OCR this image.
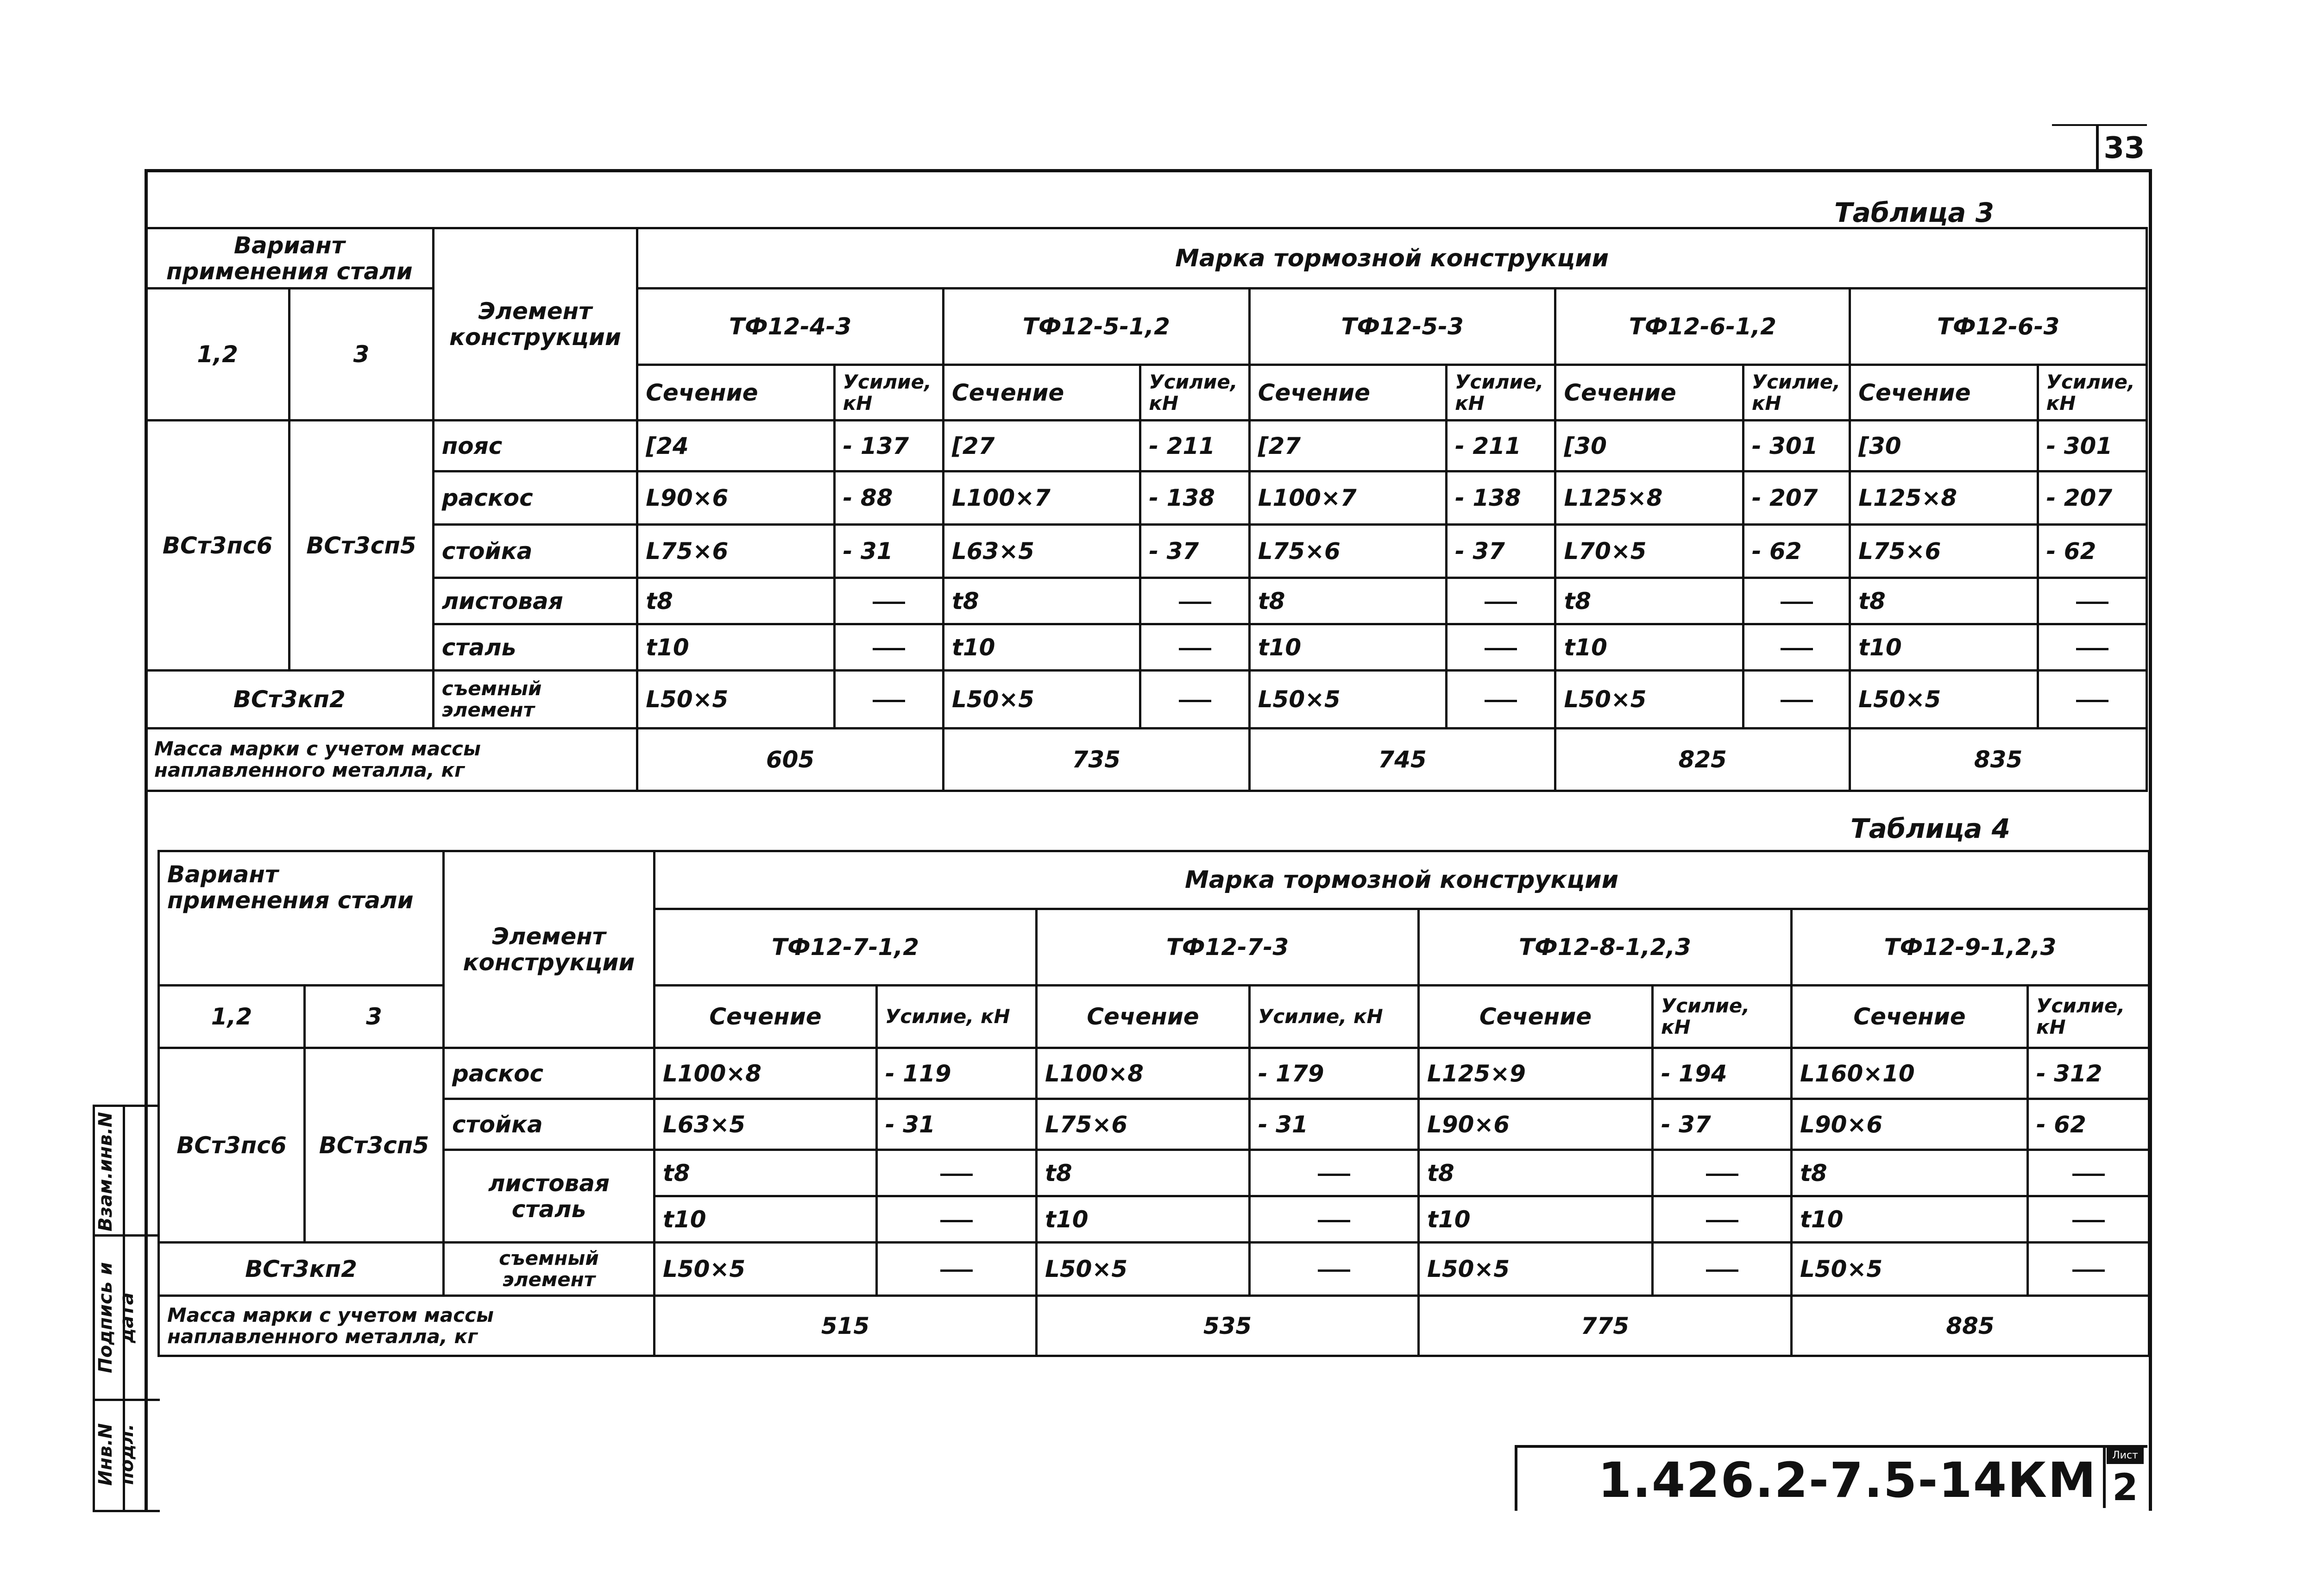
33
Таблица 3
Вариант применения стали		Элемент конструкции	Марка тормозной конструкции									
1,2	3		ТФ12-4-3		ТФ12-5-1,2		ТФ12-5-3		ТФ12-6-1,2		ТФ12-6-3	
			Сечение	Усилие, кН	Сечение	Усилие, кН	Сечение	Усилие, кН	Сечение	Усилие, кН	Сечение	Усилие, кН
ВСт3пс6	ВСт3сп5	пояс	[24	- 137	[27	- 211	[27	- 211	[30	- 301	[30	- 301
		раскос	L90×6	- 88	L100×7	- 138	L100×7	- 138	L125×8	- 207	L125×8	- 207
		стойка	L75×6	- 31	L63×5	- 37	L75×6	- 37	L70×5	- 62	L75×6	- 62
		листовая	t8		t8		t8		t8		t8	
		сталь	t10		t10		t10		t10		t10	
ВСт3кп2		съемный элемент	L50×5		L50×5		L50×5		L50×5		L50×5	
Масса марки с учетом массы наплавленного металла, кг			605		735		745		825		835	
Таблица 4
Вариант применения стали		Элемент конструкции	Марка тормозной конструкции							
			ТФ12-7-1,2		ТФ12-7-3		ТФ12-8-1,2,3		ТФ12-9-1,2,3	
1,2	3		Сечение	Усилие, кН	Сечение	Усилие, кН	Сечение	Усилие, кН	Сечение	Усилие, кН
ВСт3пс6	ВСт3сп5	раскос	L100×8	- 119	L100×8	- 179	L125×9	- 194	L160×10	- 312
		стойка	L63×5	- 31	L75×6	- 31	L90×6	- 37	L90×6	- 62
		листовая сталь	t8		t8		t8		t8	
			t10		t10		t10		t10	
ВСт3кп2		съемный элемент	L50×5		L50×5		L50×5		L50×5	
Масса марки с учетом массы наплавленного металла, кг			515		535		775		885	
Взам.инв.N
Подпись и дата
Инв.N подл.	1.426.2-7.5-14КМ	Лист
2
